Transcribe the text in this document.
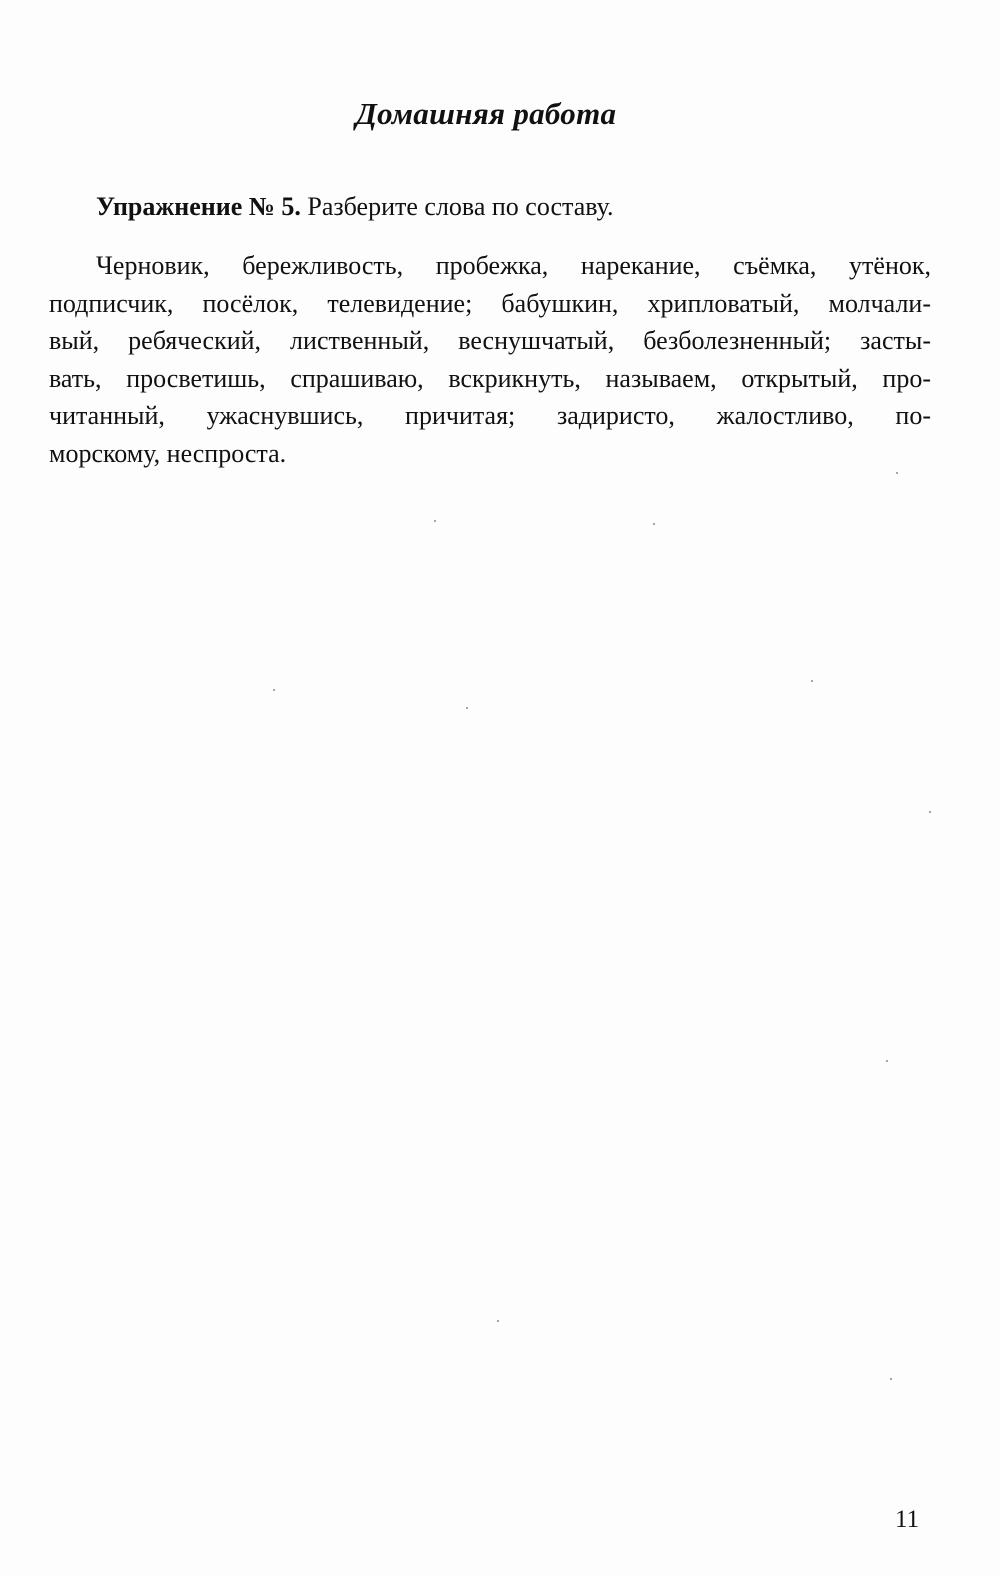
Домашняя работа
Упражнение № 5. Разберите слова по составу.
Черновик, бережливость, пробежка, нарекание, съёмка, утёнок,
подписчик, посёлок, телевидение; бабушкин, хрипловатый, молчали-
вый, ребяческий, лиственный, веснушчатый, безболезненный; засты-
вать, просветишь, спрашиваю, вскрикнуть, называем, открытый, про-
читанный, ужаснувшись, причитая; задиристо, жалостливо, по-
морскому, неспроста.
11
